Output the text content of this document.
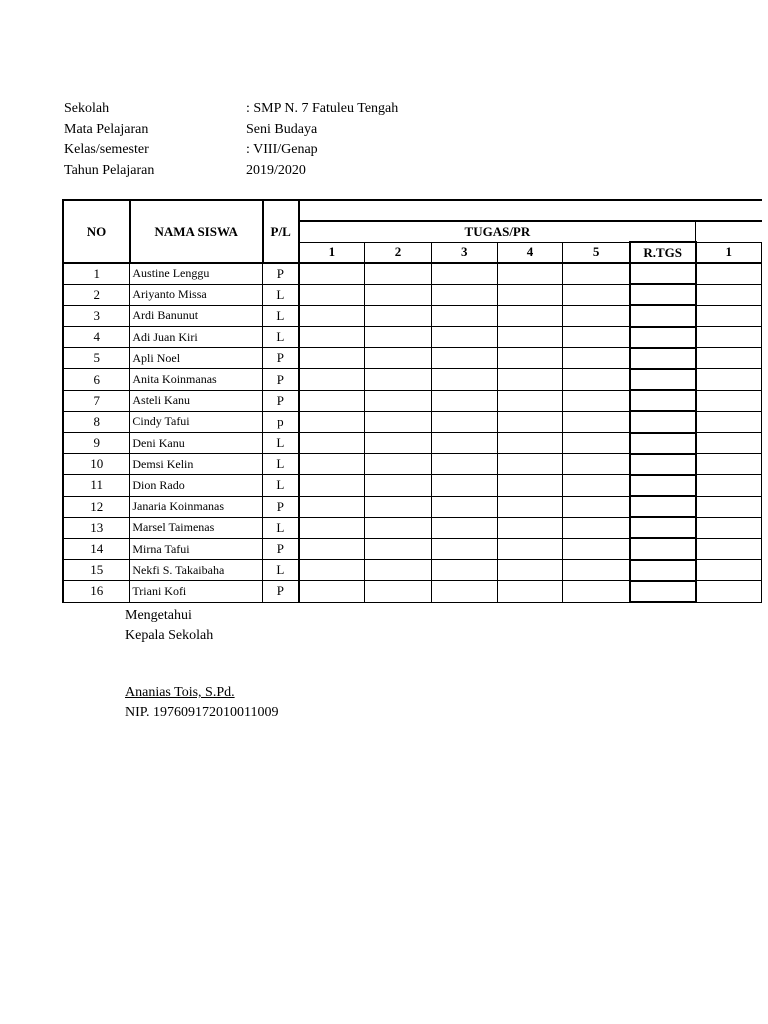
Sekolah	: SMP N. 7 Fatuleu Tengah
Mata Pelajaran	Seni Budaya
Kelas/semester	: VIII/Genap
Tahun Pelajaran	2019/2020
NO	NAMA SISWA	P/L							
			TUGAS/PR						
			1	2	3	4	5	R.TGS	1
1	Austine Lenggu	P							
2	Ariyanto Missa	L							
3	Ardi Banunut	L							
4	Adi Juan Kiri	L							
5	Apli Noel	P							
6	Anita Koinmanas	P							
7	Asteli Kanu	P							
8	Cindy Tafui	p							
9	Deni Kanu	L							
10	Demsi Kelin	L							
11	Dion Rado	L							
12	Janaria Koinmanas	P							
13	Marsel Taimenas	L							
14	Mirna Tafui	P							
15	Nekfi S. Takaibaha	L							
16	Triani Kofi	P							
Mengetahui
Kepala Sekolah
Ananias Tois, S.Pd.
NIP. 197609172010011009
